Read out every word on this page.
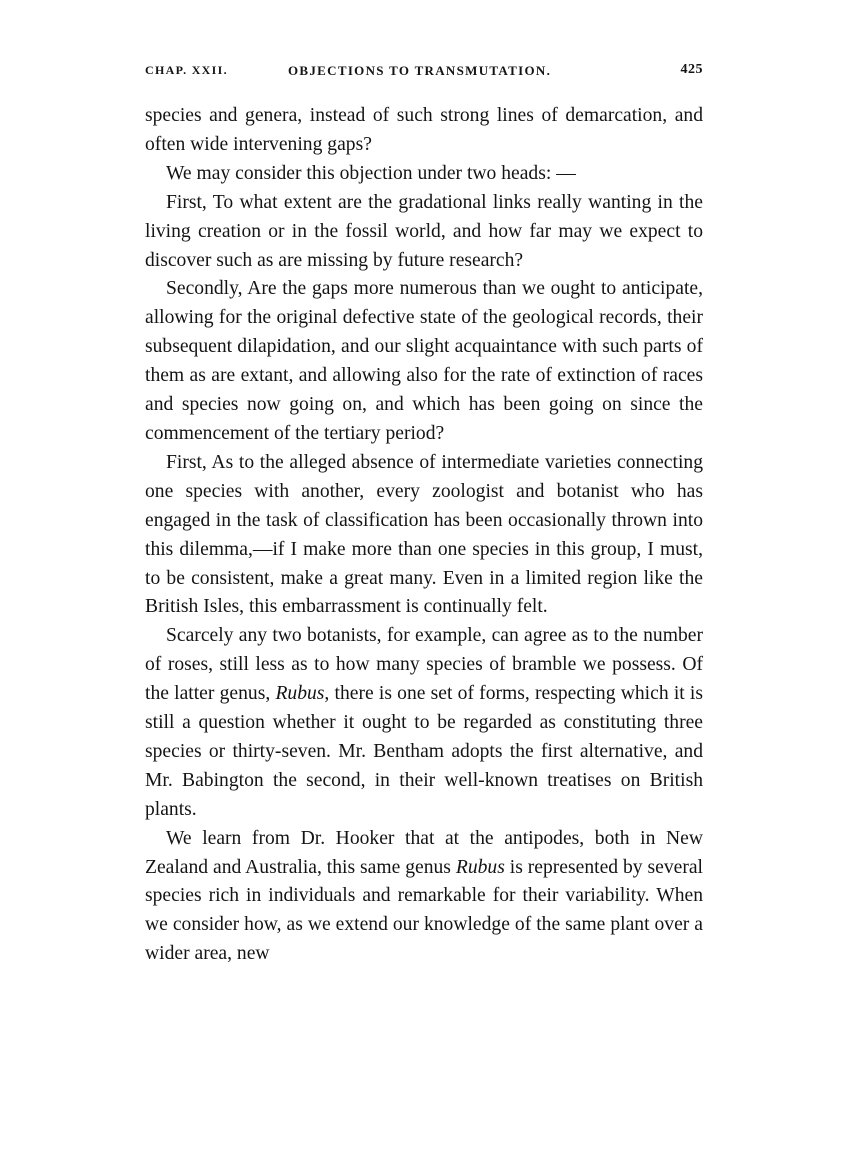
CHAP. XXII.	OBJECTIONS TO TRANSMUTATION.	425

species and genera, instead of such strong lines of demarcation, and often wide intervening gaps?

We may consider this objection under two heads: —

First, To what extent are the gradational links really wanting in the living creation or in the fossil world, and how far may we expect to discover such as are missing by future research?

Secondly, Are the gaps more numerous than we ought to anticipate, allowing for the original defective state of the geological records, their subsequent dilapidation, and our slight acquaintance with such parts of them as are extant, and allowing also for the rate of extinction of races and species now going on, and which has been going on since the commencement of the tertiary period?

First, As to the alleged absence of intermediate varieties connecting one species with another, every zoologist and botanist who has engaged in the task of classification has been occasionally thrown into this dilemma,—if I make more than one species in this group, I must, to be consistent, make a great many. Even in a limited region like the British Isles, this embarrassment is continually felt.

Scarcely any two botanists, for example, can agree as to the number of roses, still less as to how many species of bramble we possess. Of the latter genus, Rubus, there is one set of forms, respecting which it is still a question whether it ought to be regarded as constituting three species or thirty-seven. Mr. Bentham adopts the first alternative, and Mr. Babington the second, in their well-known treatises on British plants.

We learn from Dr. Hooker that at the antipodes, both in New Zealand and Australia, this same genus Rubus is represented by several species rich in individuals and remarkable for their variability. When we consider how, as we extend our knowledge of the same plant over a wider area, new
